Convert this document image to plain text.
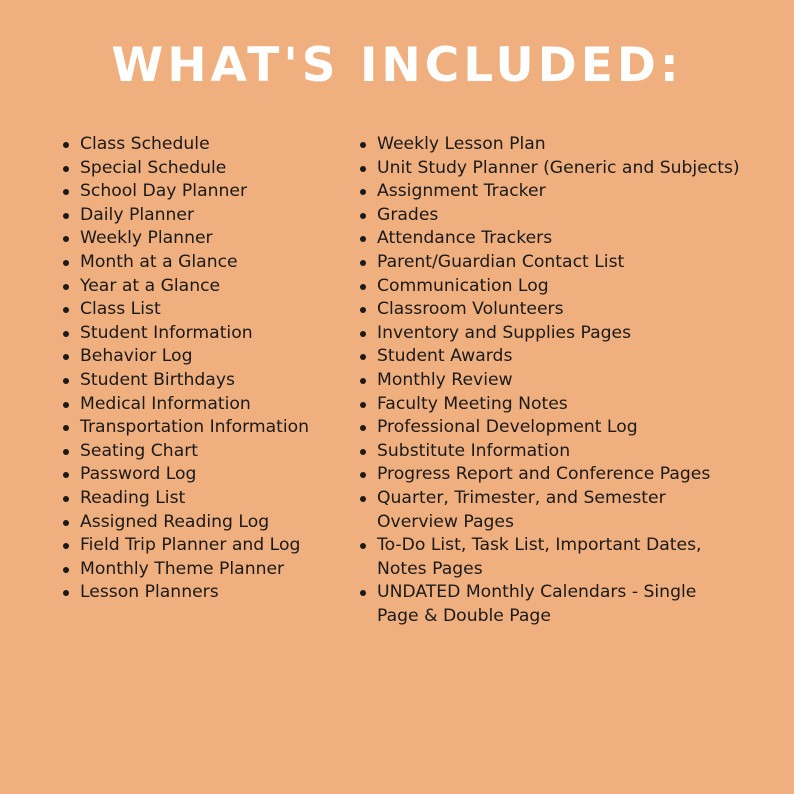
WHAT'S INCLUDED:
Class Schedule
Special Schedule
School Day Planner
Daily Planner
Weekly Planner
Month at a Glance
Year at a Glance
Class List
Student Information
Behavior Log
Student Birthdays
Medical Information
Transportation Information
Seating Chart
Password Log
Reading List
Assigned Reading Log
Field Trip Planner and Log
Monthly Theme Planner
Lesson Planners
Weekly Lesson Plan
Unit Study Planner (Generic and Subjects)
Assignment Tracker
Grades
Attendance Trackers
Parent/Guardian Contact List
Communication Log
Classroom Volunteers
Inventory and Supplies Pages
Student Awards
Monthly Review
Faculty Meeting Notes
Professional Development Log
Substitute Information
Progress Report and Conference Pages
Quarter, Trimester, and Semester
Overview Pages
To-Do List, Task List, Important Dates,
Notes Pages
UNDATED Monthly Calendars - Single
Page & Double Page
